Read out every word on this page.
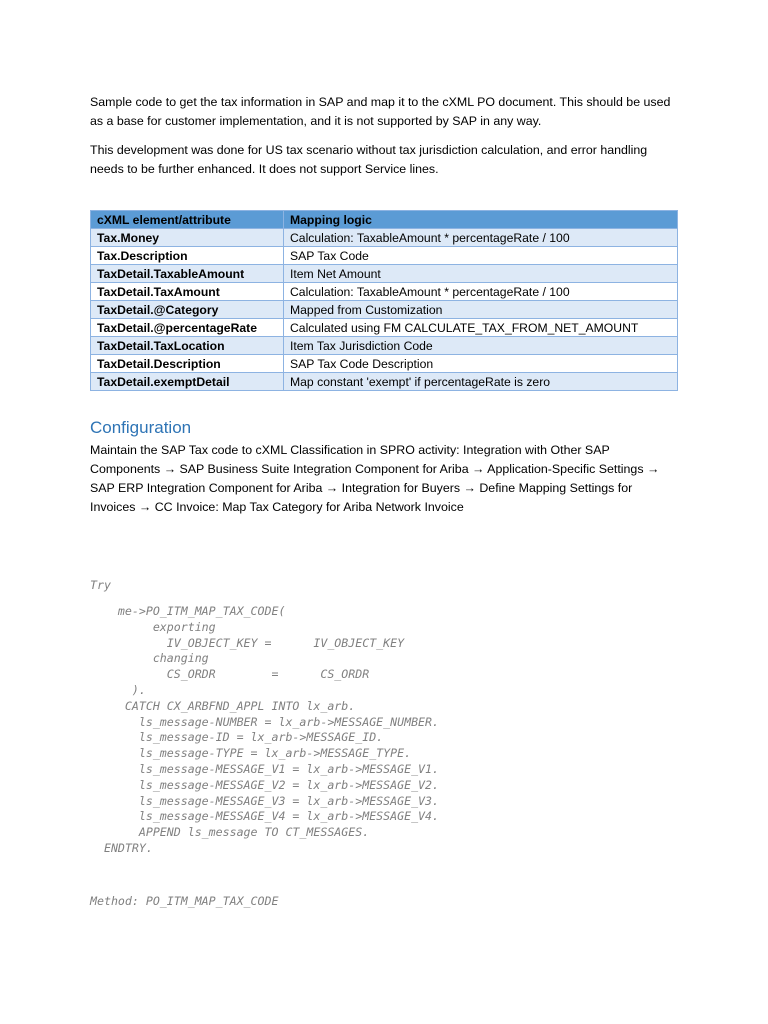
Sample code to get the tax information in SAP and map it to the cXML PO document. This should be used as a base for customer implementation, and it is not supported by SAP in any way.

This development was done for US tax scenario without tax jurisdiction calculation, and error handling needs to be further enhanced. It does not support Service lines.

cXML element/attribute	Mapping logic
Tax.Money	Calculation: TaxableAmount * percentageRate / 100
Tax.Description	SAP Tax Code
TaxDetail.TaxableAmount	Item Net Amount
TaxDetail.TaxAmount	Calculation: TaxableAmount * percentageRate / 100
TaxDetail.@Category	Mapped from Customization
TaxDetail.@percentageRate	Calculated using FM CALCULATE_TAX_FROM_NET_AMOUNT
TaxDetail.TaxLocation	Item Tax Jurisdiction Code
TaxDetail.Description	SAP Tax Code Description
TaxDetail.exemptDetail	Map constant 'exempt' if percentageRate is zero
Configuration

Maintain the SAP Tax code to cXML Classification in SPRO activity: Integration with Other SAP Components → SAP Business Suite Integration Component for Ariba → Application-Specific Settings → SAP ERP Integration Component for Ariba → Integration for Buyers → Define Mapping Settings for Invoices → CC Invoice: Map Tax Category for Ariba Network Invoice

Try
me->PO_ITM_MAP_TAX_CODE(
exporting
IV_OBJECT_KEY =      IV_OBJECT_KEY
changing
CS_ORDR        =      CS_ORDR
).
CATCH CX_ARBFND_APPL INTO lx_arb.
ls_message-NUMBER = lx_arb->MESSAGE_NUMBER.
ls_message-ID = lx_arb->MESSAGE_ID.
ls_message-TYPE = lx_arb->MESSAGE_TYPE.
ls_message-MESSAGE_V1 = lx_arb->MESSAGE_V1.
ls_message-MESSAGE_V2 = lx_arb->MESSAGE_V2.
ls_message-MESSAGE_V3 = lx_arb->MESSAGE_V3.
ls_message-MESSAGE_V4 = lx_arb->MESSAGE_V4.
APPEND ls_message TO CT_MESSAGES.
ENDTRY.
Method: PO_ITM_MAP_TAX_CODE
